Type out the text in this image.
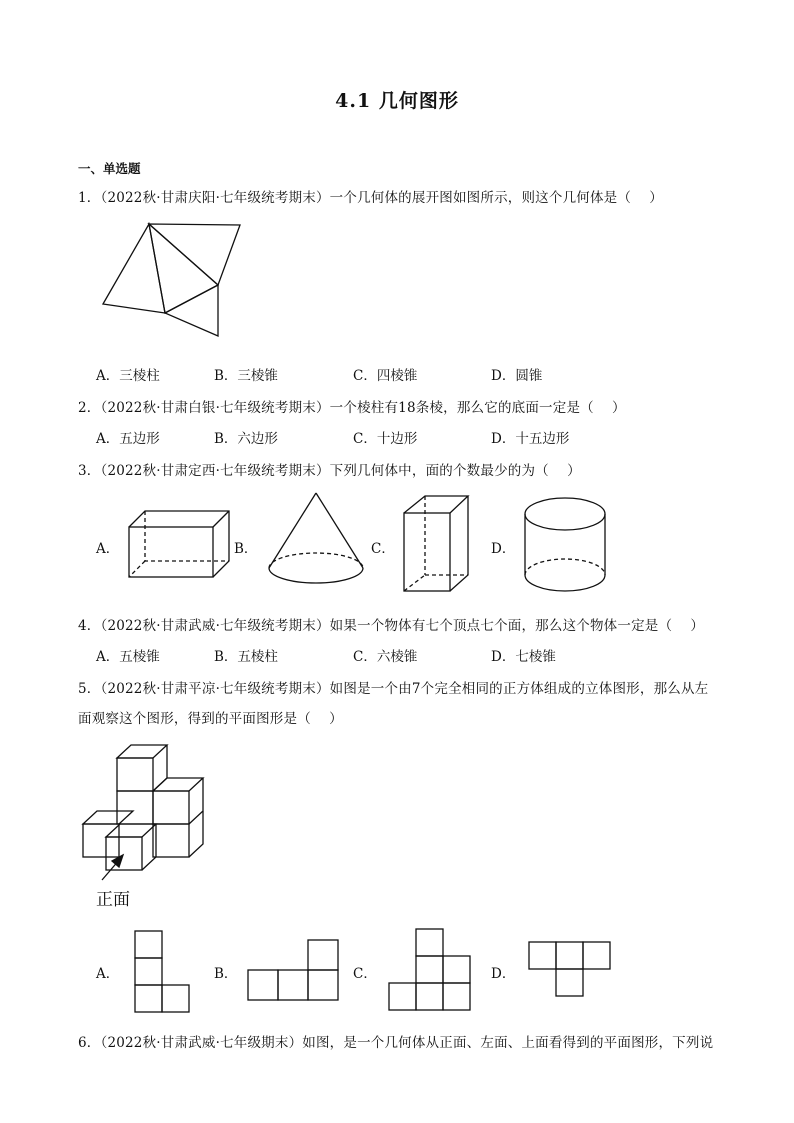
4.1 几何图形
一、单选题
1．（2022秋·甘肃庆阳·七年级统考期末）一个几何体的展开图如图所示，则这个几何体是（　 ）
A．三棱柱	B．三棱锥	C．四棱锥	D．圆锥
2．（2022秋·甘肃白银·七年级统考期末）一个棱柱有18条棱，那么它的底面一定是（　 ）
A．五边形	B．六边形	C．十边形	D．十五边形
3．（2022秋·甘肃定西·七年级统考期末）下列几何体中，面的个数最少的为（　 ）
A．	B．	C．	D．
4．（2022秋·甘肃武威·七年级统考期末）如果一个物体有七个顶点七个面，那么这个物体一定是（　 ）
A．五棱锥	B．五棱柱	C．六棱锥	D．七棱锥
5．（2022秋·甘肃平凉·七年级统考期末）如图是一个由7个完全相同的正方体组成的立体图形，那么从左
面观察这个图形，得到的平面图形是（　 ）
正面
A．	B．	C．	D．
6．（2022秋·甘肃武威·七年级期末）如图，是一个几何体从正面、左面、上面看得到的平面图形，下列说
